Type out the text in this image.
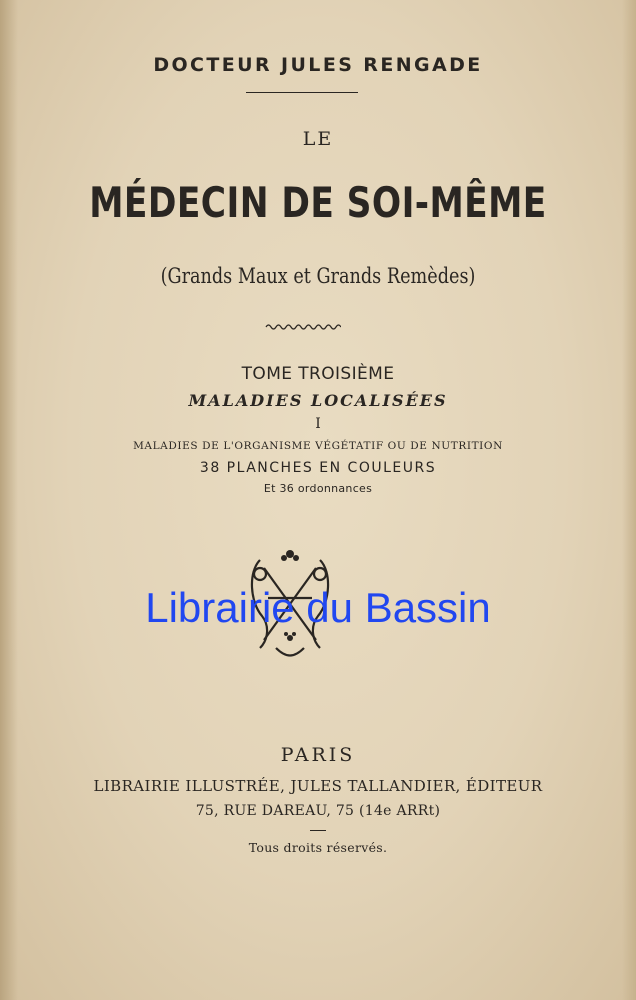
DOCTEUR JULES RENGADE
LE
MÉDECIN DE SOI-MÊME
(Grands Maux et Grands Remèdes)
TOME TROISIÈME
MALADIES LOCALISÉES
I
MALADIES DE L'ORGANISME VÉGÉTATIF OU DE NUTRITION
38 PLANCHES EN COULEURS
Et 36 ordonnances
Librairie du Bassin
PARIS
LIBRAIRIE ILLUSTRÉE, JULES TALLANDIER, ÉDITEUR
75, RUE DAREAU, 75 (14e ARRt)
Tous droits réservés.
